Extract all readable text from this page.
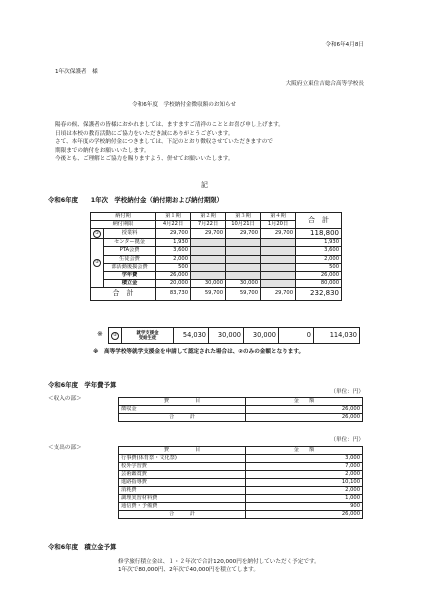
令和6年4月8日
1年次保護者　様
大阪府立東住吉総合高等学校長
令和6年度　学校納付金徴収額のお知らせ
陽春の候、保護者の皆様におかれましては、ますますご清祥のこととお喜び申し上げます。
日頃は本校の教育活動にご協力をいただき誠にありがとうございます。
さて、本年度の学校納付金につきましては、下記のとおり徴収させていただきますので
期限までの納付をお願いいたします。
今後とも、ご理解とご協力を賜りますよう、併せてお願いいたします。
記
令和6年度　　1年次　学校納付金（納付期および納付期限）
納付期		第１期	第２期	第３期	第４期	合　計
納付期限		4月22日	7月22日	10月21日	1月20日	
①	授業料	29,700	29,700	29,700	29,700	118,800
②	センター拠金	1,930				1,930
	PTA会費	3,600				3,600
	生徒会費	2,000				2,000
	部活動後援会費	500				500
	学年費	26,000				26,000
	積立金	20,000	30,000	30,000		80,000
合　計		83,730	59,700	59,700	29,700	232,830
※ ②	就学支援金
受給生徒	54,030	30,000	30,000	0	114,030
※　高等学校等就学支援金を申請して認定された場合は、②のみの金額となります。
令和6年度　学年費予算
（単位：円）
＜収入の部＞	費　　　　　目	金　　額
徴収金	26,000
合　　　計	26,000
（単位：円）
＜支出の部＞	費　　　　　目	金　　額
行事費(体育祭・文化祭)	3,000
校外学習費	7,000
芸術鑑賞費	2,000
進路指導費	10,100
消耗費	2,000
調理実習材料費	1,000
通信費・予備費	900
合　　　計	26,000
令和6年度　積立金予算
修学旅行積立金は、１・２年次で合計120,000円を納付していただく予定です。
1年次で80,000円、2年次で40,000円を積立てします。
